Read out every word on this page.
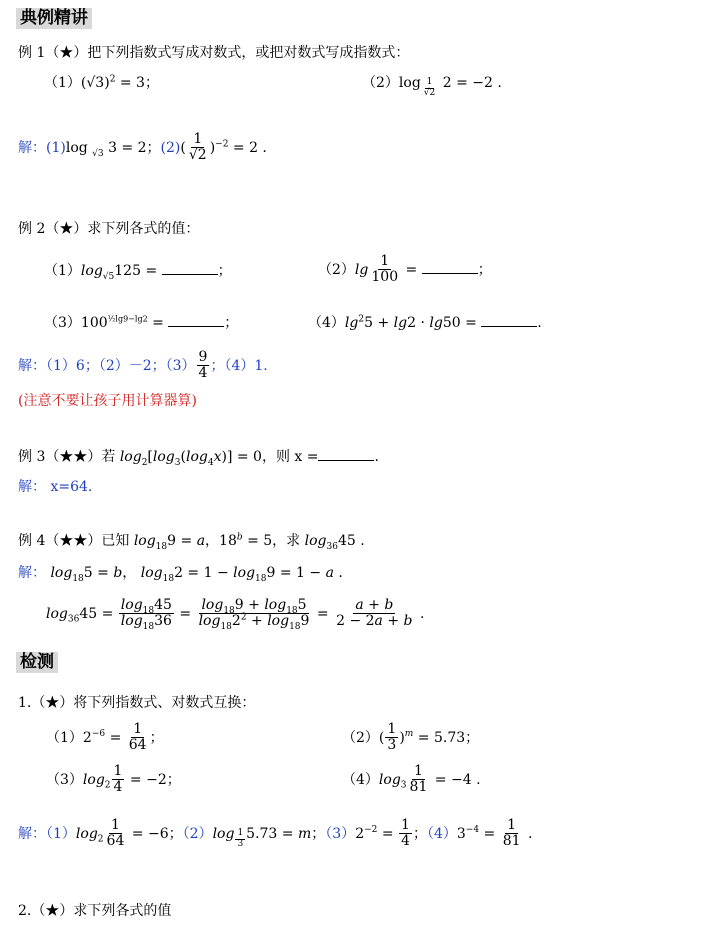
典例精讲
例 1（★）把下列指数式写成对数式，或把对数式写成指数式：
$(1)(√3)^2 = 3$；	（2）log $_{\frac{1}{√2}}$ 2 = −2 .
解：(1)log $_{√3}$ 3 = 2；$(2)( \frac{1}{√2} )^{-2} = 2$ .
例 2（★）求下列各式的值：
$(1)\log_{√5}125$ =	；	$(2)\lg \frac{1}{100}$ =	；
$(3)100^{\frac{1}{2}lg9-lg2}$ =	；	$(4)\lg^25 + \lg 2 \cdot \lg 50$ =	.
解：（1）6；（2）－2；$(3) \frac{9}{4}$ ；（4）1.
(注意不要让孩子用计算器算)
例 3（★★）若 $\log_2[\log_3(\log_4x)] = 0$，则 x =	.
解： x=64.
例 4（★★）已知 $\log_{18}9 = a$，$18^b = 5$，求 $\log_{36}45$ .
解： $\log_{18}5 = b$， $\log_{18}2 = 1 - \log_{18}9 = 1 - a$ .
$\log_{36}45 = \frac{\log_{18}45}{\log_{18}36} = \frac{\log_{18}9 + \log_{18}5}{\log_{18}2^2 + \log_{18}9} = \frac{a + b}{2 - 2a + b}$ .
检测
1.（★）将下列指数式、对数式互换：
$(1)2^{-6} = \frac{1}{64}$ ；	$(2)( \frac{1}{3} )^m = 5.73$；
$(3)\log_2 \frac{1}{4} = -2$；	$(4)\log_3 \frac{1}{81} = -4$ .
解：$(1)\log_2 \frac{1}{64} = -6$；（2）log $_{\frac{1}{3}}$ 5.73 = m；$(3)2^{-2} = \frac{1}{4}$ ；$(4)3^{-4} = \frac{1}{81}$ .
2.（★）求下列各式的值
